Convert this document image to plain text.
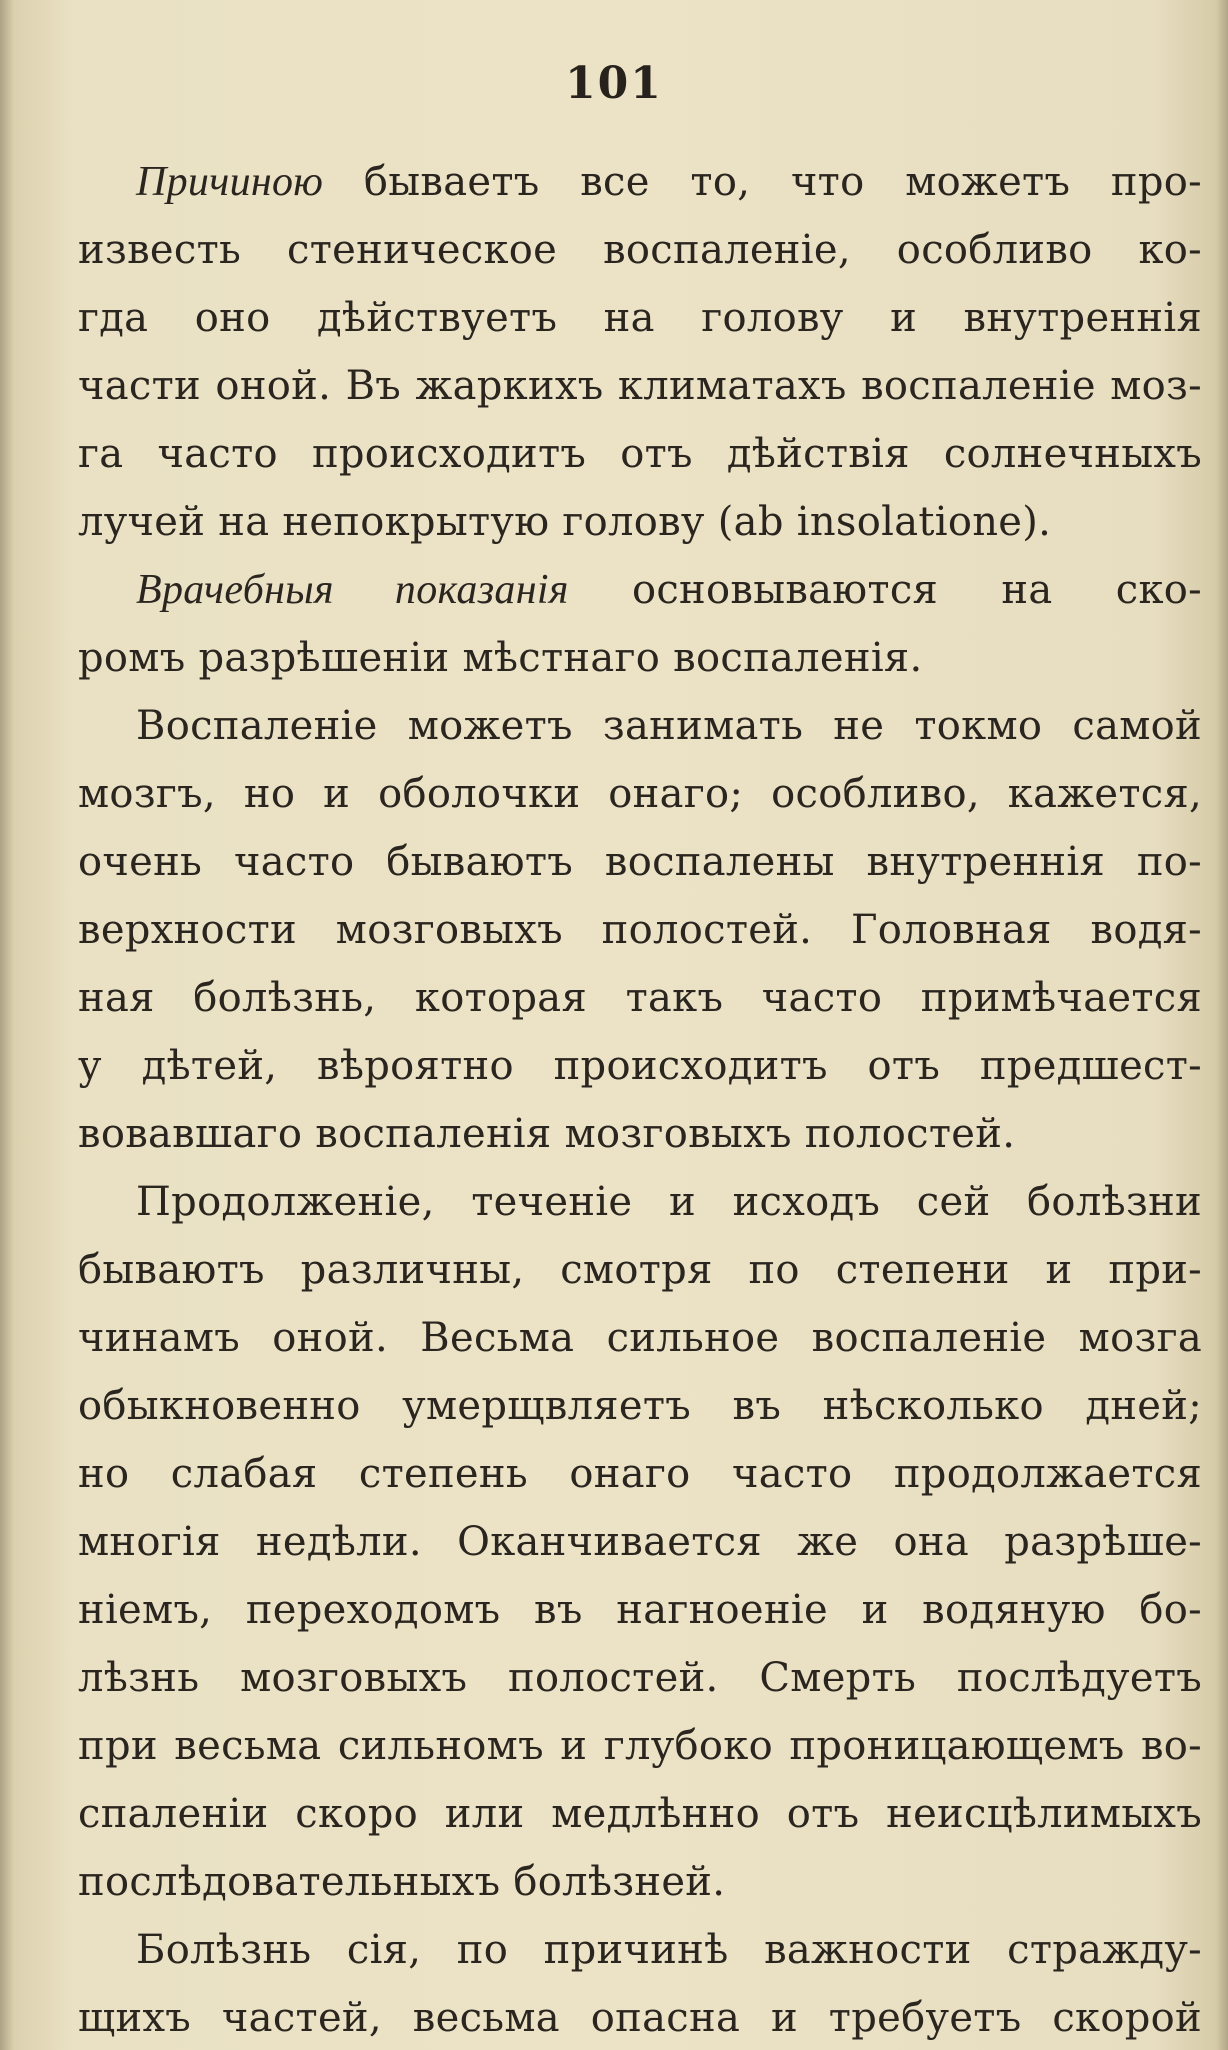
101
Причиною бываетъ все то, что можетъ про-
известь стеническое воспаленіе, особливо ко-
гда оно дѣйствуетъ на голову и внутреннія
части оной. Въ жаркихъ климатахъ воспаленіе моз-
га часто происходитъ отъ дѣйствія солнечныхъ
лучей на непокрытую голову (ab insolatione).
Врачебныя показанія основываются на ско-
ромъ разрѣшеніи мѣстнаго воспаленія.
Воспаленіе можетъ занимать не токмо самой
мозгъ, но и оболочки онаго; особливо, кажется,
очень часто бываютъ воспалены внутреннія по-
верхности мозговыхъ полостей. Головная водя-
ная болѣзнь, которая такъ часто примѣчается
у дѣтей, вѣроятно происходитъ отъ предшест-
вовавшаго воспаленія мозговыхъ полостей.
Продолженіе, теченіе и исходъ сей болѣзни
бываютъ различны, смотря по степени и при-
чинамъ оной. Весьма сильное воспаленіе мозга
обыкновенно умерщвляетъ въ нѣсколько дней;
но слабая степень онаго часто продолжается
многія недѣли. Оканчивается же она разрѣше-
ніемъ, переходомъ въ нагноеніе и водяную бо-
лѣзнь мозговыхъ полостей. Смерть послѣдуетъ
при весьма сильномъ и глубоко проницающемъ во-
спаленіи скоро или медлѣнно отъ неисцѣлимыхъ
послѣдовательныхъ болѣзней.
Болѣзнь сія, по причинѣ важности стражду-
щихъ частей, весьма опасна и требуетъ скорой
